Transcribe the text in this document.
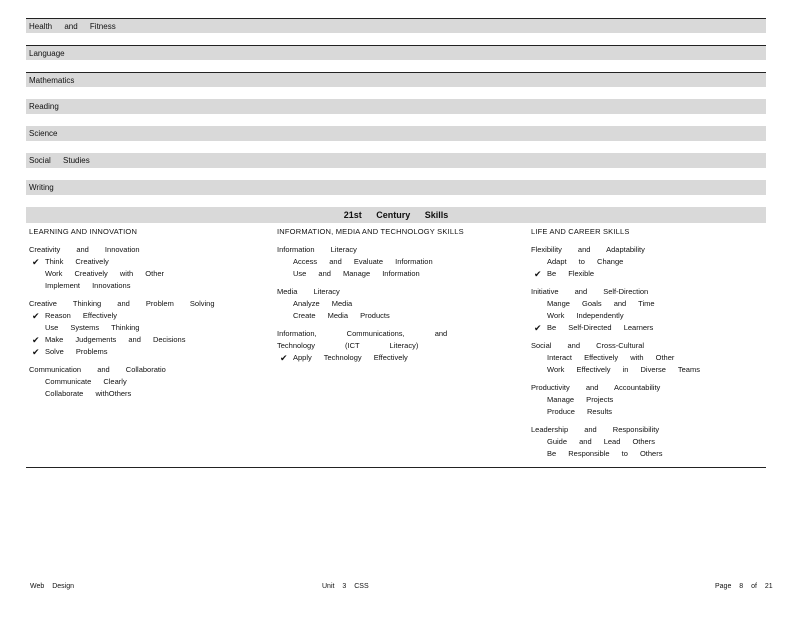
Health and Fitness
Language
Mathematics
Reading
Science
Social Studies
Writing
21st Century Skills
LEARNING AND INNOVATION
Creativity and Innovation
✔ Think Creatively
Work Creatively with Other
Implement Innovations
Creative Thinking and Problem Solving
✔ Reason Effectively
Use Systems Thinking
✔ Make Judgements and Decisions
✔ Solve Problems
Communication and Collaboratio
Communicate Clearly
Collaborate withOthers
INFORMATION, MEDIA AND TECHNOLOGY SKILLS
Information Literacy
Access and Evaluate Information
Use and Manage Information
Media Literacy
Analyze Media
Create Media Products
Information, Communications, and Technology (ICT Literacy)
✔ Apply Technology Effectively
LIFE AND CAREER SKILLS
Flexibility and Adaptability
Adapt to Change
✔ Be Flexible
Initiative and Self-Direction
Mange Goals and Time
Work Independently
✔ Be Self-Directed Learners
Social and Cross-Cultural
Interact Effectively with Other
Work Effectively in Diverse Teams
Productivity and Accountability
Manage Projects
Produce Results
Leadership and Responsibility
Guide and Lead Others
Be Responsible to Others
Web Design	Unit 3 CSS	Page 8 of 21
